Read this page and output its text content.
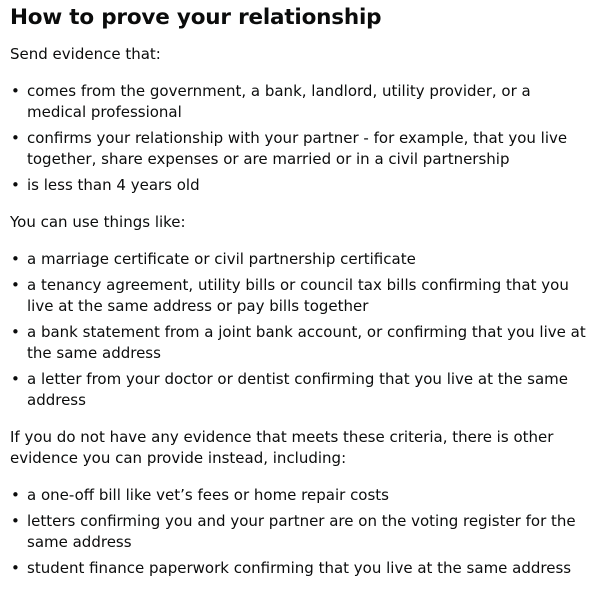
How to prove your relationship

Send evidence that:

• comes from the government, a bank, landlord, utility provider, or a medical professional
• confirms your relationship with your partner - for example, that you live together, share expenses or are married or in a civil partnership
• is less than 4 years old

You can use things like:

• a marriage certificate or civil partnership certificate
• a tenancy agreement, utility bills or council tax bills confirming that you live at the same address or pay bills together
• a bank statement from a joint bank account, or confirming that you live at the same address
• a letter from your doctor or dentist confirming that you live at the same address

If you do not have any evidence that meets these criteria, there is other evidence you can provide instead, including:

• a one-off bill like vet’s fees or home repair costs
• letters confirming you and your partner are on the voting register for the same address
• student finance paperwork confirming that you live at the same address
